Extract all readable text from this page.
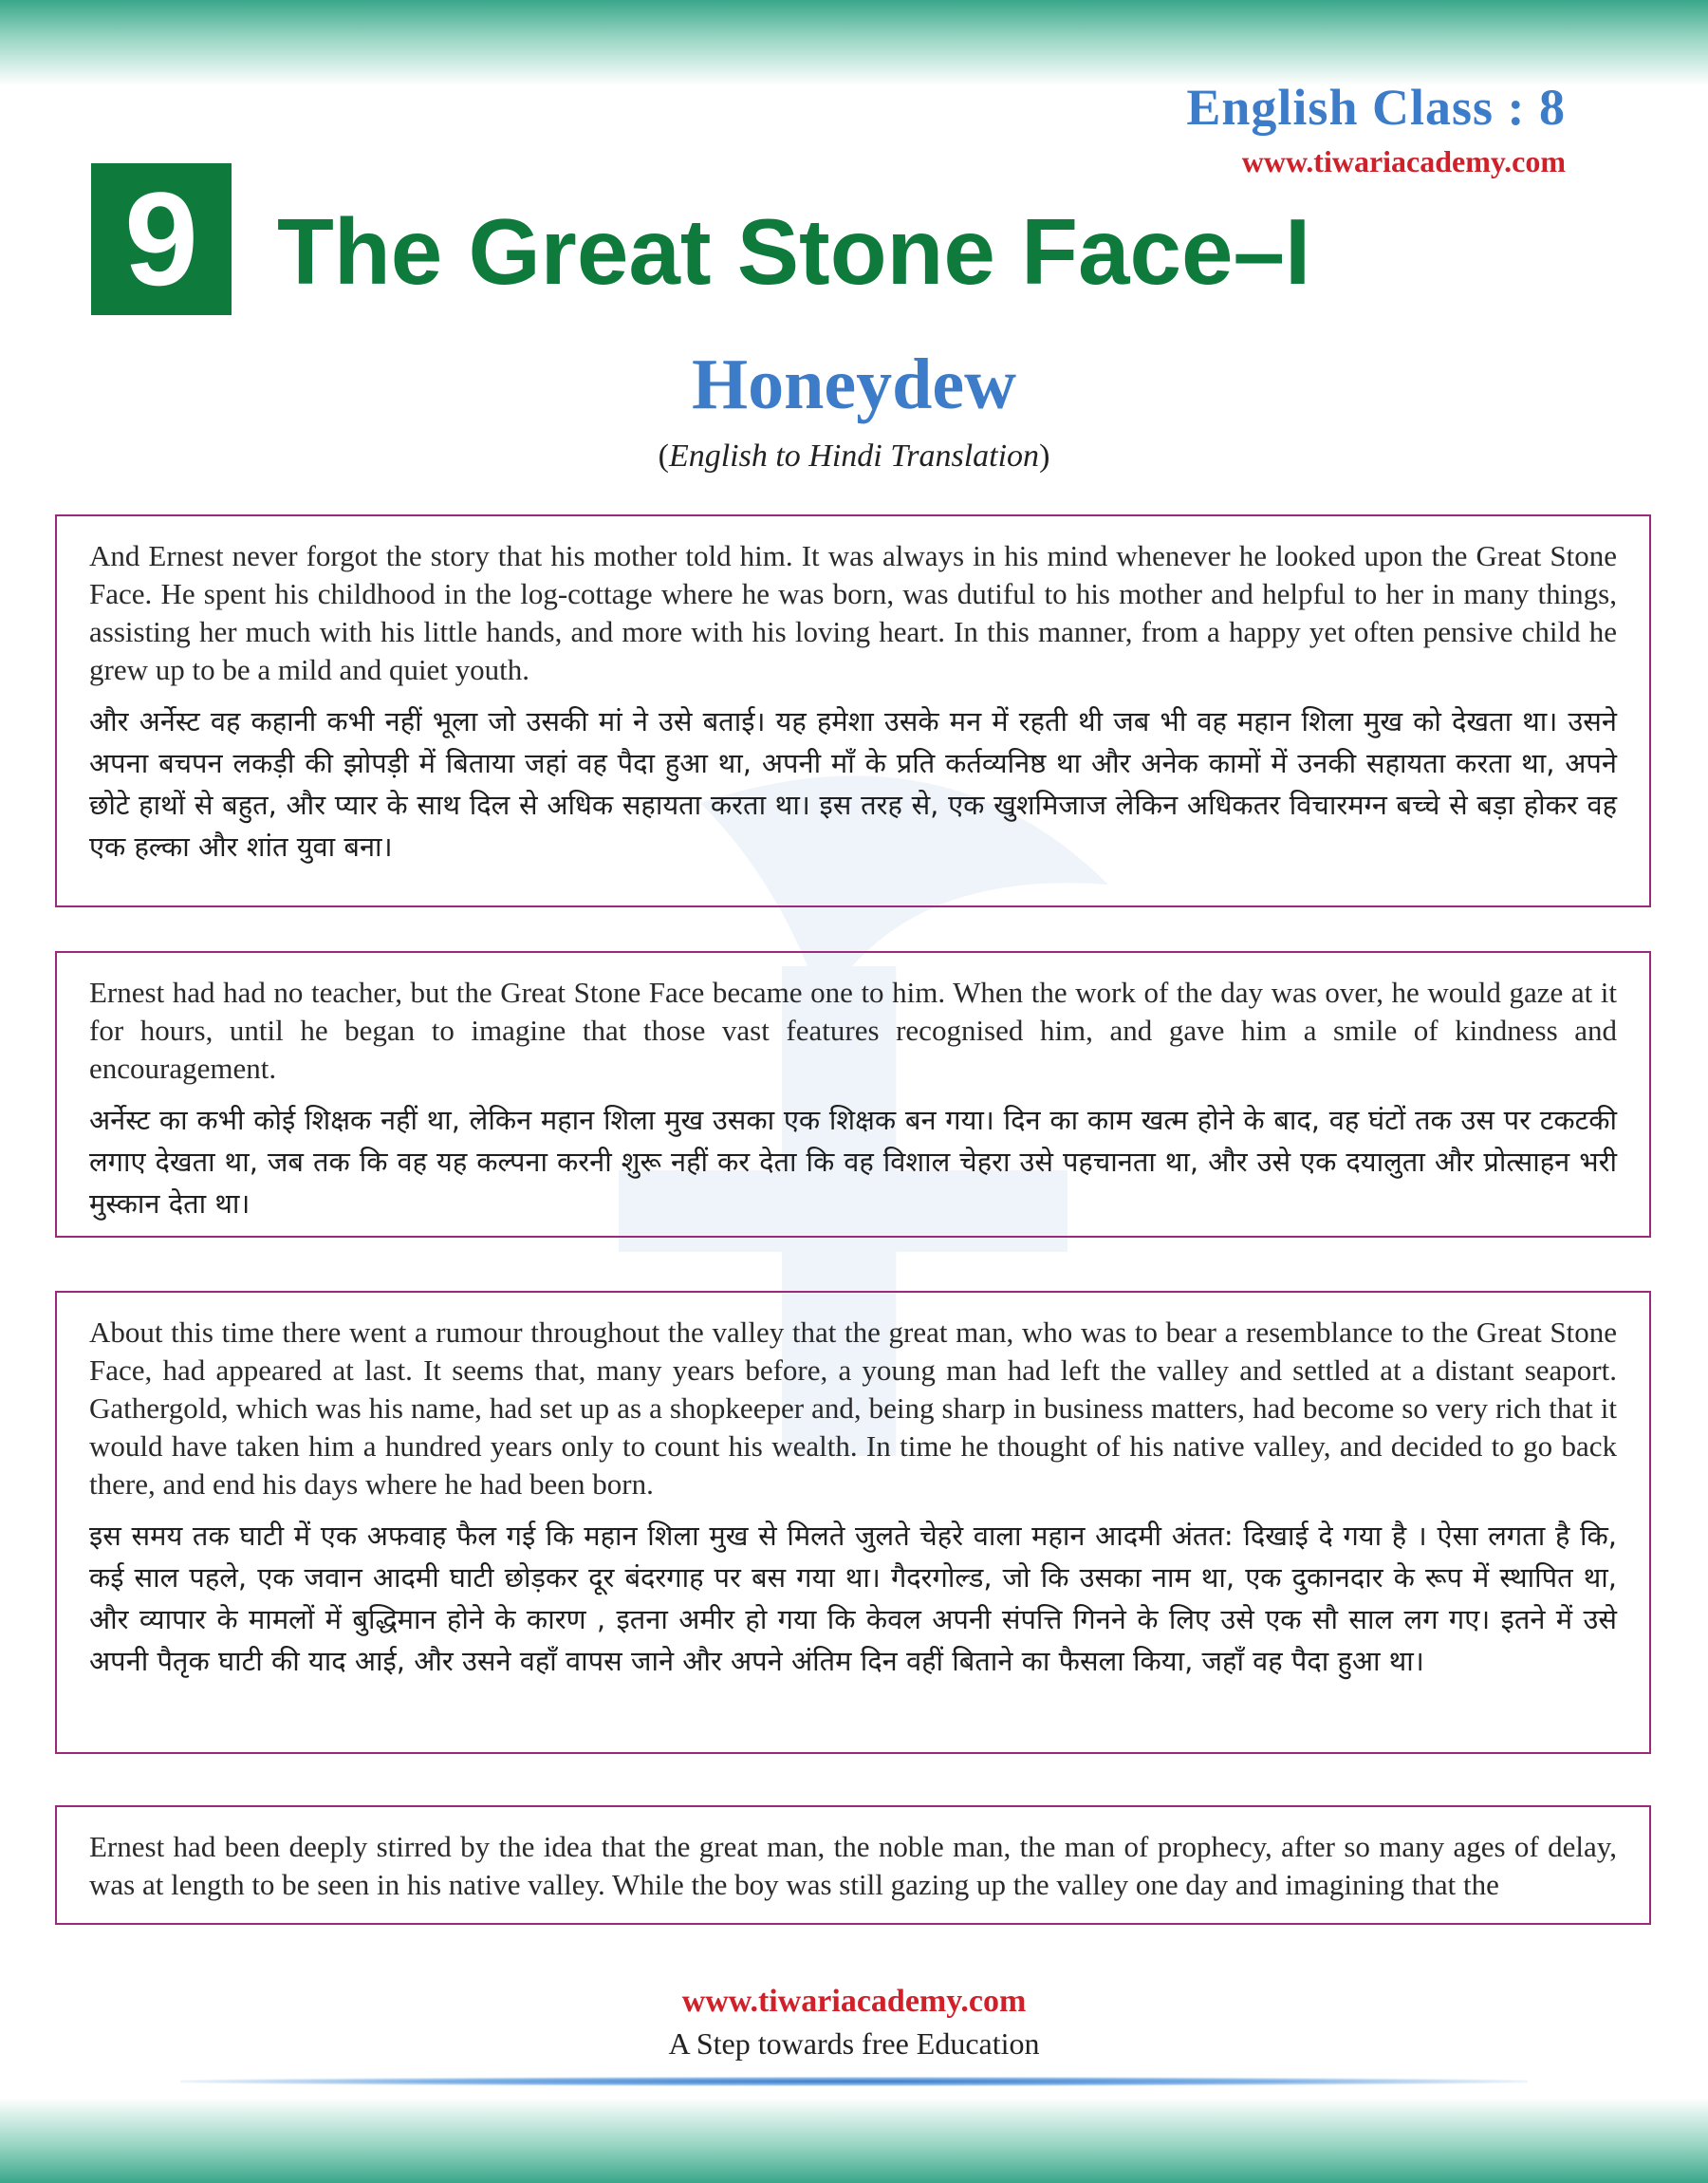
English Class : 8
www.tiwariacademy.com
9 The Great Stone Face–I
Honeydew
(English to Hindi Translation)

And Ernest never forgot the story that his mother told him. It was always in his mind whenever he looked upon the Great Stone Face. He spent his childhood in the log-cottage where he was born, was dutiful to his mother and helpful to her in many things, assisting her much with his little hands, and more with his loving heart. In this manner, from a happy yet often pensive child he grew up to be a mild and quiet youth.

और अर्नेस्ट वह कहानी कभी नहीं भूला जो उसकी मां ने उसे बताई। यह हमेशा उसके मन में रहती थी जब भी वह महान शिला मुख को देखता था। उसने अपना बचपन लकड़ी की झोपड़ी में बिताया जहां वह पैदा हुआ था, अपनी माँ के प्रति कर्तव्यनिष्ठ था और अनेक कामों में उनकी सहायता करता था, अपने छोटे हाथों से बहुत, और प्यार के साथ दिल से अधिक सहायता करता था। इस तरह से, एक खुशमिजाज लेकिन अधिकतर विचारमग्न बच्चे से बड़ा होकर वह एक हल्का और शांत युवा बना।

Ernest had had no teacher, but the Great Stone Face became one to him. When the work of the day was over, he would gaze at it for hours, until he began to imagine that those vast features recognised him, and gave him a smile of kindness and encouragement.

अर्नेस्ट का कभी कोई शिक्षक नहीं था, लेकिन महान शिला मुख उसका एक शिक्षक बन गया। दिन का काम खत्म होने के बाद, वह घंटों तक उस पर टकटकी लगाए देखता था, जब तक कि वह यह कल्पना करनी शुरू नहीं कर देता कि वह विशाल चेहरा उसे पहचानता था, और उसे एक दयालुता और प्रोत्साहन भरी मुस्कान देता था।

About this time there went a rumour throughout the valley that the great man, who was to bear a resemblance to the Great Stone Face, had appeared at last. It seems that, many years before, a young man had left the valley and settled at a distant seaport. Gathergold, which was his name, had set up as a shopkeeper and, being sharp in business matters, had become so very rich that it would have taken him a hundred years only to count his wealth. In time he thought of his native valley, and decided to go back there, and end his days where he had been born.

इस समय तक घाटी में एक अफवाह फैल गई कि महान शिला मुख से मिलते जुलते चेहरे वाला महान आदमी अंतत: दिखाई दे गया है । ऐसा लगता है कि, कई साल पहले, एक जवान आदमी घाटी छोड़कर दूर बंदरगाह पर बस गया था। गैदरगोल्ड, जो कि उसका नाम था, एक दुकानदार के रूप में स्थापित था, और व्यापार के मामलों में बुद्धिमान होने के कारण , इतना अमीर हो गया कि केवल अपनी संपत्ति गिनने के लिए उसे एक सौ साल लग गए। इतने में उसे अपनी पैतृक घाटी की याद आई, और उसने वहाँ वापस जाने और अपने अंतिम दिन वहीं बिताने का फैसला किया, जहाँ वह पैदा हुआ था।

Ernest had been deeply stirred by the idea that the great man, the noble man, the man of prophecy, after so many ages of delay, was at length to be seen in his native valley. While the boy was still gazing up the valley one day and imagining that the

www.tiwariacademy.com
A Step towards free Education
